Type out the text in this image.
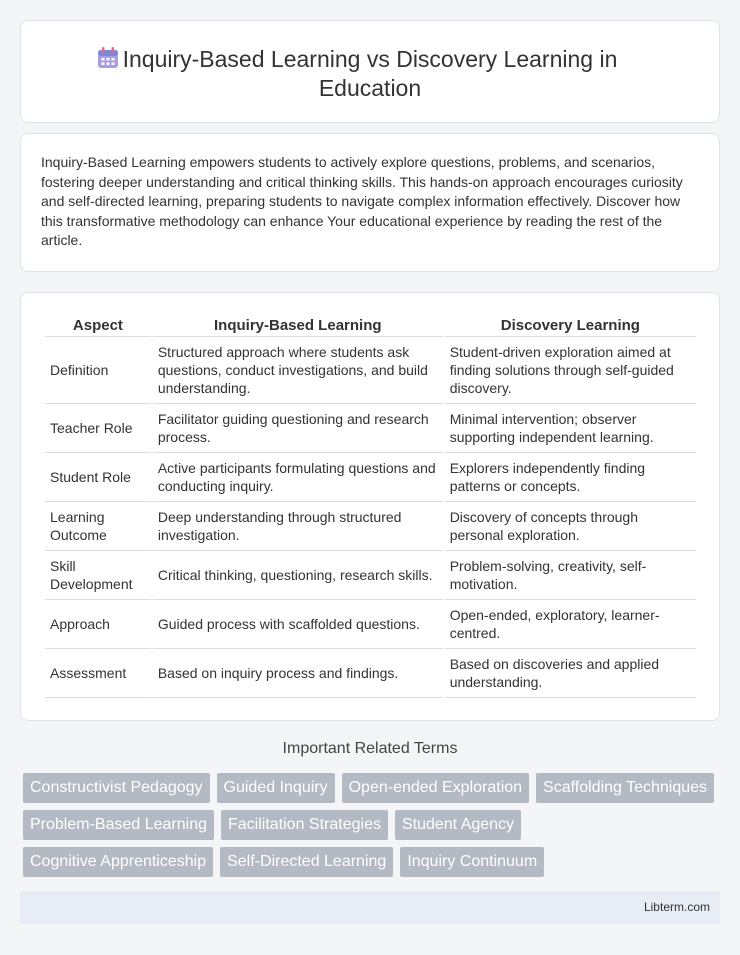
Inquiry-Based Learning vs Discovery Learning in Education

Inquiry-Based Learning empowers students to actively explore questions, problems, and scenarios, fostering deeper understanding and critical thinking skills. This hands-on approach encourages curiosity and self-directed learning, preparing students to navigate complex information effectively. Discover how this transformative methodology can enhance Your educational experience by reading the rest of the article.

Aspect	Inquiry-Based Learning	Discovery Learning
Definition	Structured approach where students ask questions, conduct investigations, and build understanding.	Student-driven exploration aimed at finding solutions through self-guided discovery.
Teacher Role	Facilitator guiding questioning and research process.	Minimal intervention; observer supporting independent learning.
Student Role	Active participants formulating questions and conducting inquiry.	Explorers independently finding patterns or concepts.
Learning Outcome	Deep understanding through structured investigation.	Discovery of concepts through personal exploration.
Skill Development	Critical thinking, questioning, research skills.	Problem-solving, creativity, self-motivation.
Approach	Guided process with scaffolded questions.	Open-ended, exploratory, learner-centred.
Assessment	Based on inquiry process and findings.	Based on discoveries and applied understanding.
Important Related Terms
Constructivist Pedagogy	Guided Inquiry	Open-ended Exploration	Scaffolding Techniques
Problem-Based Learning	Facilitation Strategies	Student Agency
Cognitive Apprenticeship	Self-Directed Learning	Inquiry Continuum
Libterm.com
